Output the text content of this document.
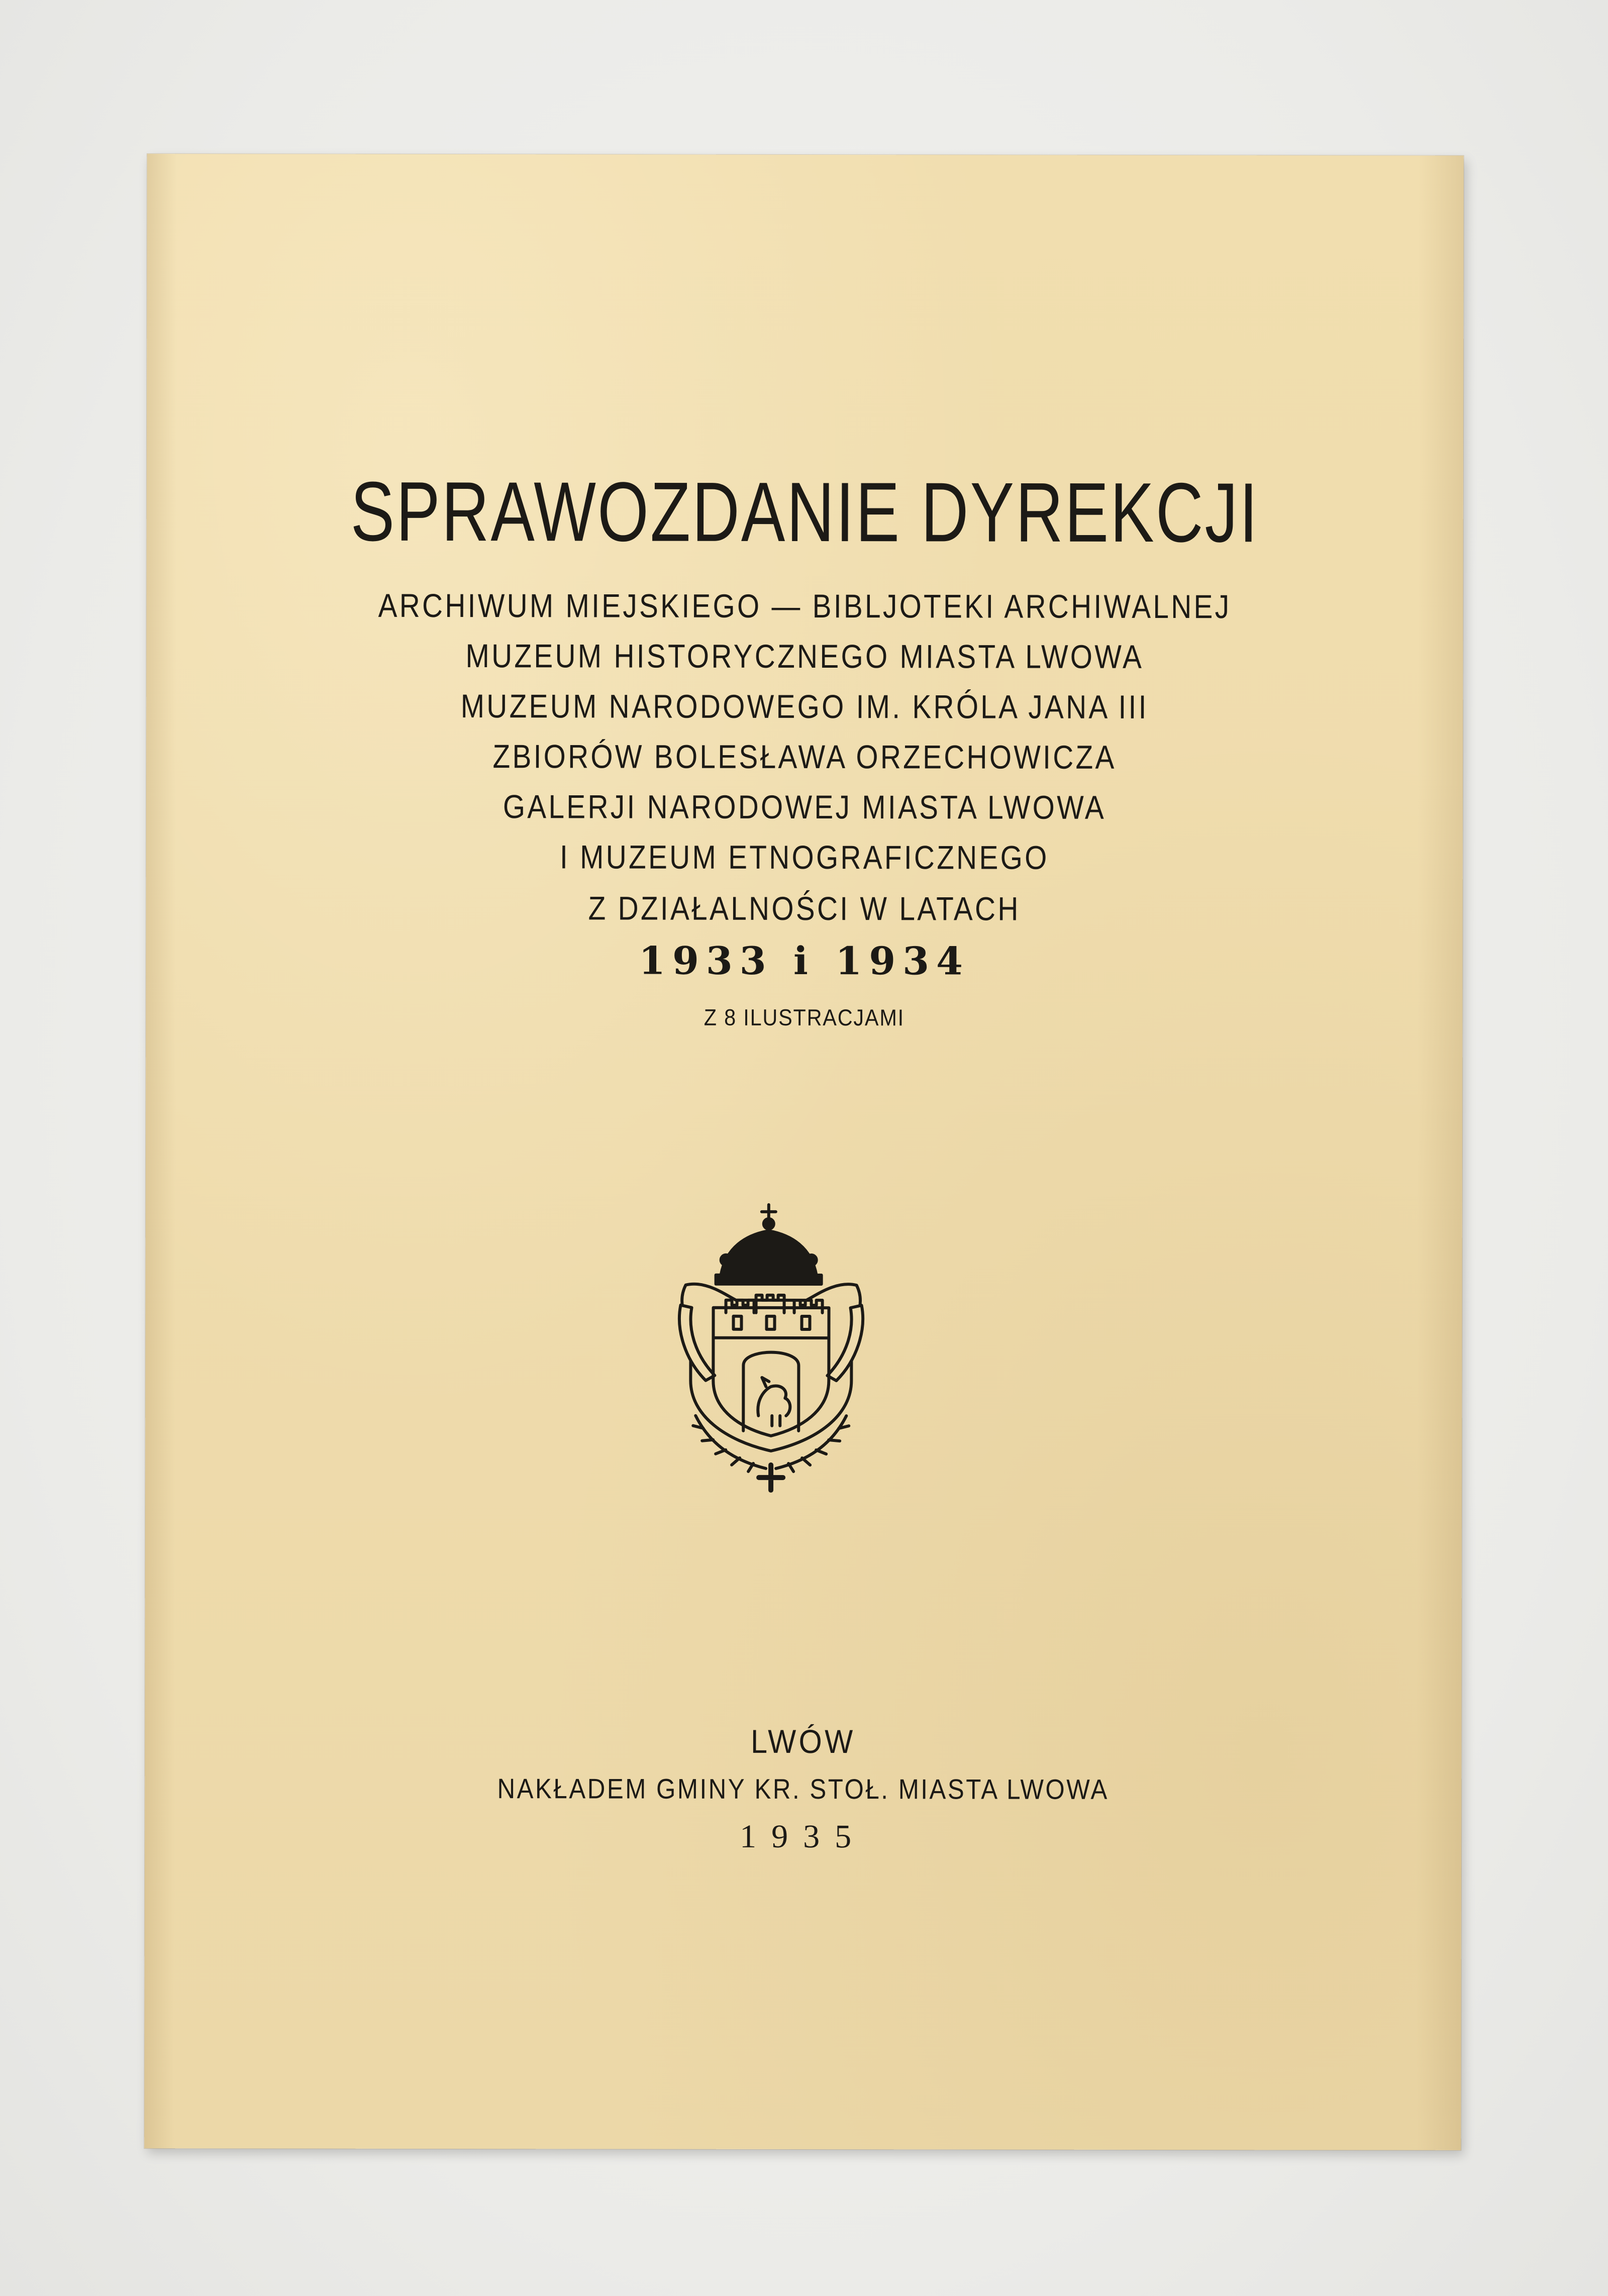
SPRAWOZDANIE DYREKCJI
ARCHIWUM MIEJSKIEGO — BIBLJOTEKI ARCHIWALNEJ
MUZEUM HISTORYCZNEGO MIASTA LWOWA
MUZEUM NARODOWEGO IM. KRÓLA JANA III
ZBIORÓW BOLESŁAWA ORZECHOWICZA
GALERJI NARODOWEJ MIASTA LWOWA
I MUZEUM ETNOGRAFICZNEGO
Z DZIAŁALNOŚCI W LATACH
1933 i 1934
Z 8 ILUSTRACJAMI
LWÓW
NAKŁADEM GMINY KR. STOŁ. MIASTA LWOWA
1935
